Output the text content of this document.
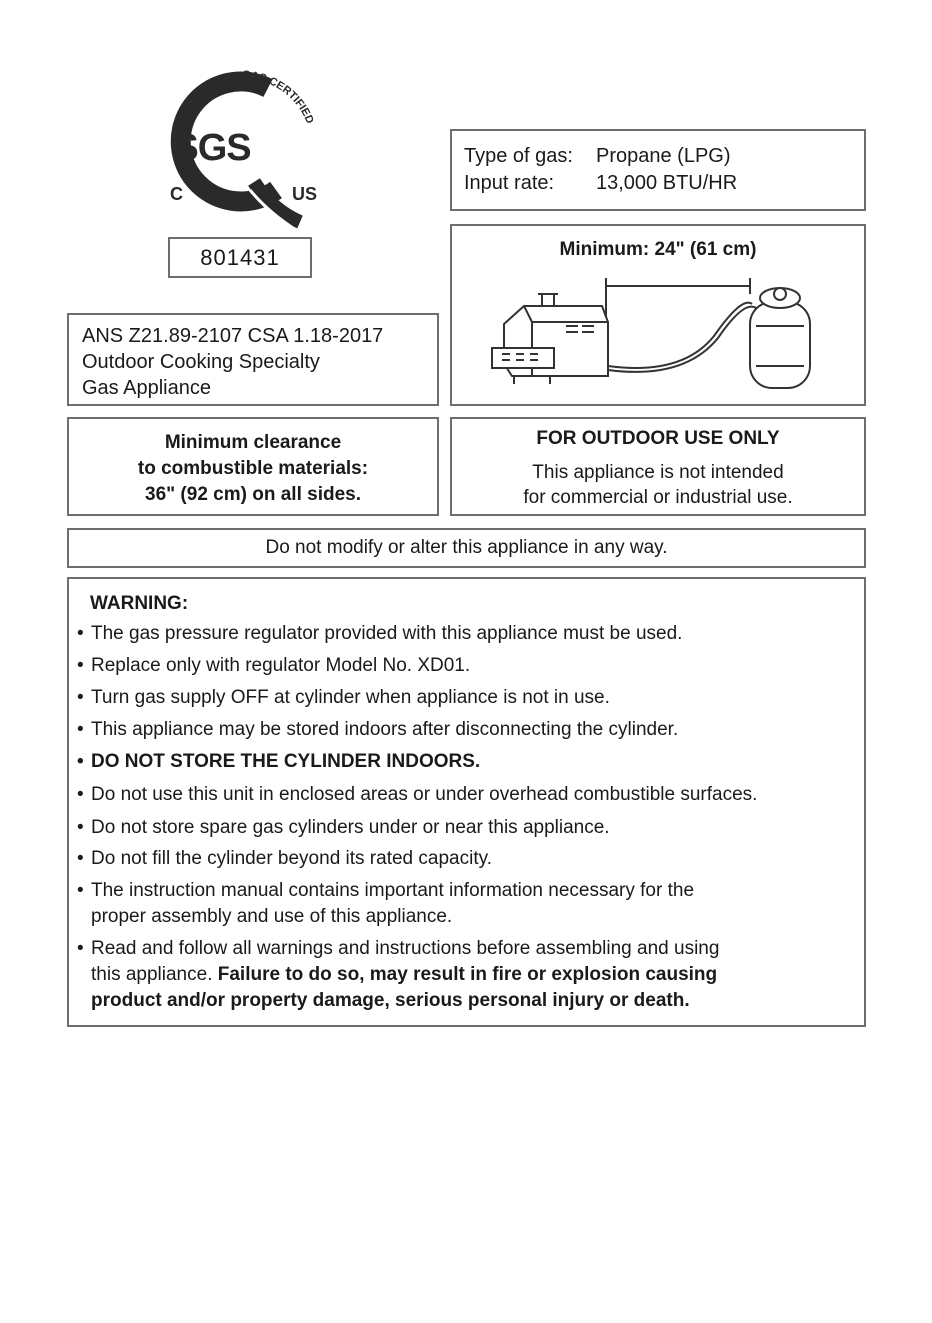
SGS
C	US
GAS CERTIFIED
801431
Type of gas: Propane (LPG)
Input rate: 13,000 BTU/HR
Minimum: 24" (61 cm)
ANS Z21.89-2107 CSA 1.18-2017
Outdoor Cooking Specialty
Gas Appliance
Minimum clearance
to combustible materials:
36" (92 cm) on all sides.
FOR OUTDOOR USE ONLY
This appliance is not intended
for commercial or industrial use.
Do not modify or alter this appliance in any way.
WARNING:
• The gas pressure regulator provided with this appliance must be used.
• Replace only with regulator Model No. XD01.
• Turn gas supply OFF at cylinder when appliance is not in use.
• This appliance may be stored indoors after disconnecting the cylinder.
• DO NOT STORE THE CYLINDER INDOORS.
• Do not use this unit in enclosed areas or under overhead combustible surfaces.
• Do not store spare gas cylinders under or near this appliance.
• Do not fill the cylinder beyond its rated capacity.
• The instruction manual contains important information necessary for the
proper assembly and use of this appliance.
• Read and follow all warnings and instructions before assembling and using
this appliance. Failure to do so, may result in fire or explosion causing
product and/or property damage, serious personal injury or death.
